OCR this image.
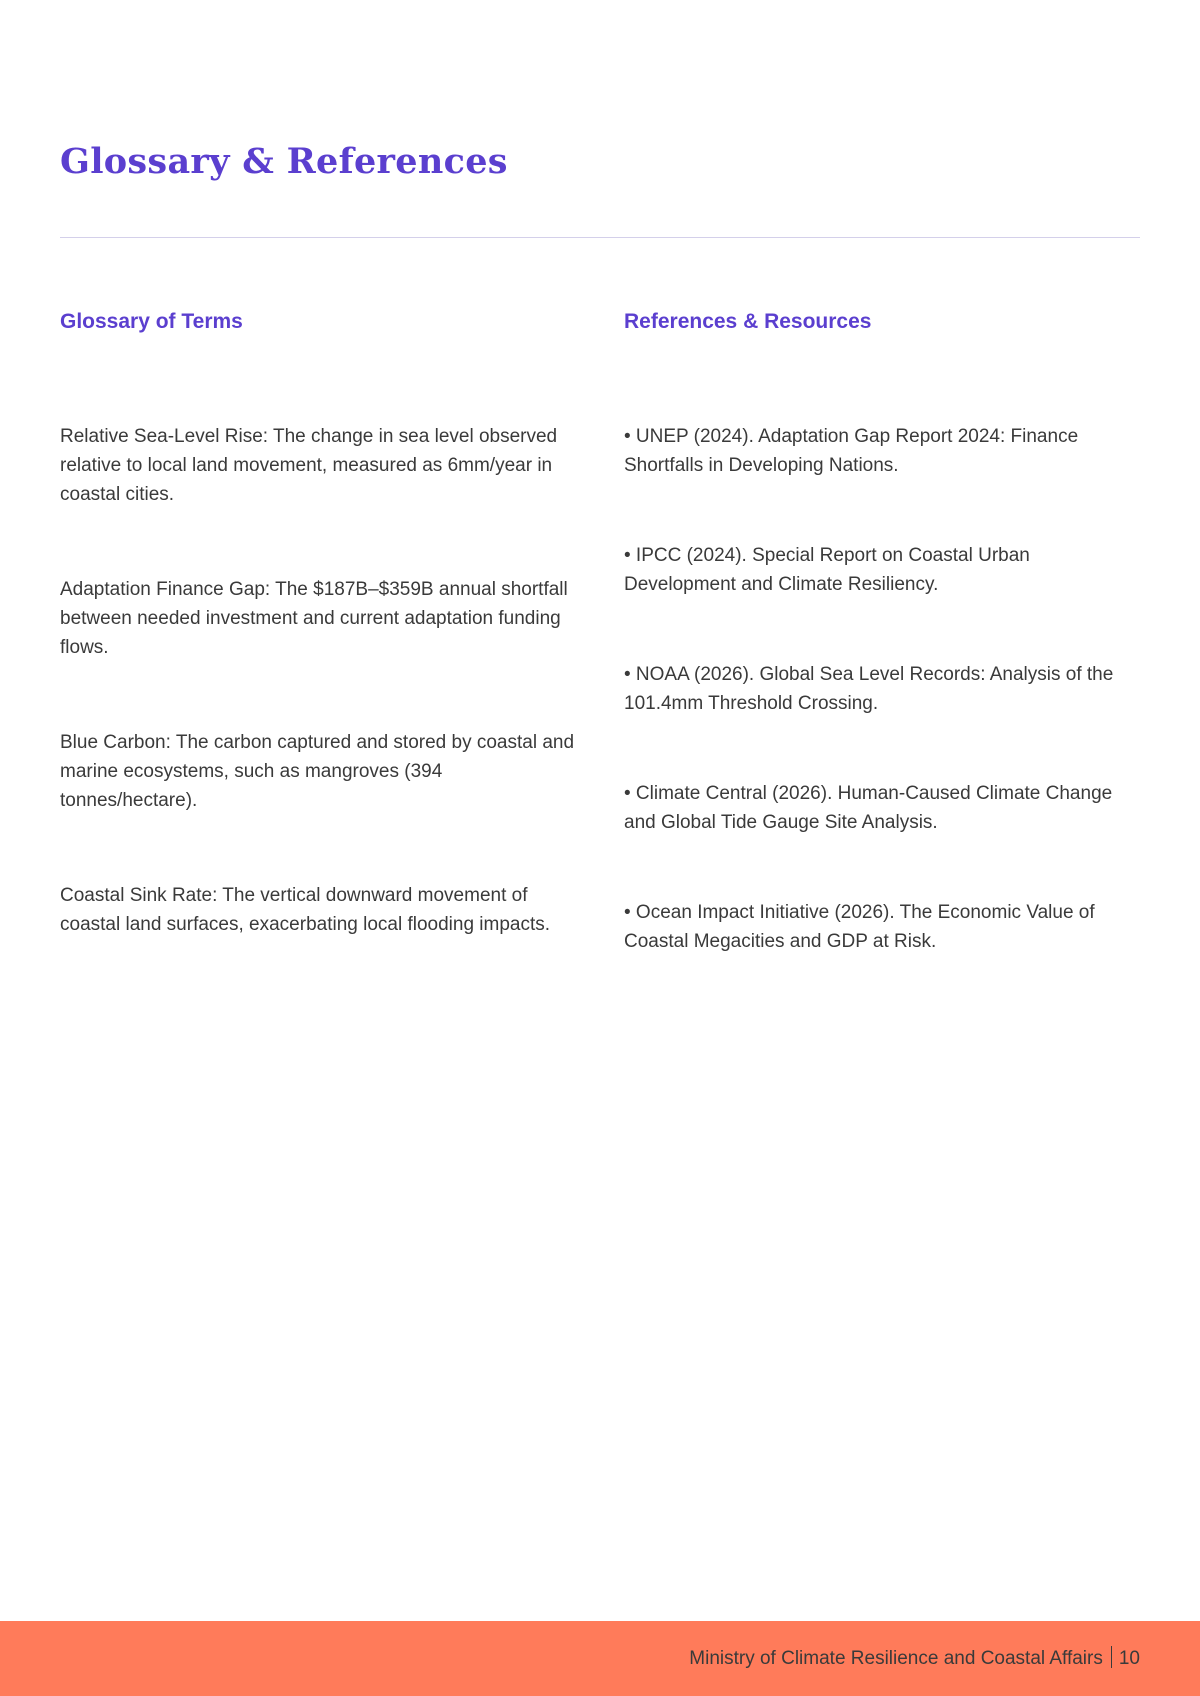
Glossary & References
Glossary of Terms

Relative Sea-Level Rise: The change in sea level observed relative to local land movement, measured as 6mm/year in coastal cities.

Adaptation Finance Gap: The $187B–$359B annual shortfall between needed investment and current adaptation funding flows.

Blue Carbon: The carbon captured and stored by coastal and marine ecosystems, such as mangroves (394 tonnes/hectare).

Coastal Sink Rate: The vertical downward movement of coastal land surfaces, exacerbating local flooding impacts.

References & Resources

• UNEP (2024). Adaptation Gap Report 2024: Finance Shortfalls in Developing Nations.

• IPCC (2024). Special Report on Coastal Urban Development and Climate Resiliency.

• NOAA (2026). Global Sea Level Records: Analysis of the 101.4mm Threshold Crossing.

• Climate Central (2026). Human-Caused Climate Change and Global Tide Gauge Site Analysis.

• Ocean Impact Initiative (2026). The Economic Value of Coastal Megacities and GDP at Risk.

Ministry of Climate Resilience and Coastal Affairs 10
